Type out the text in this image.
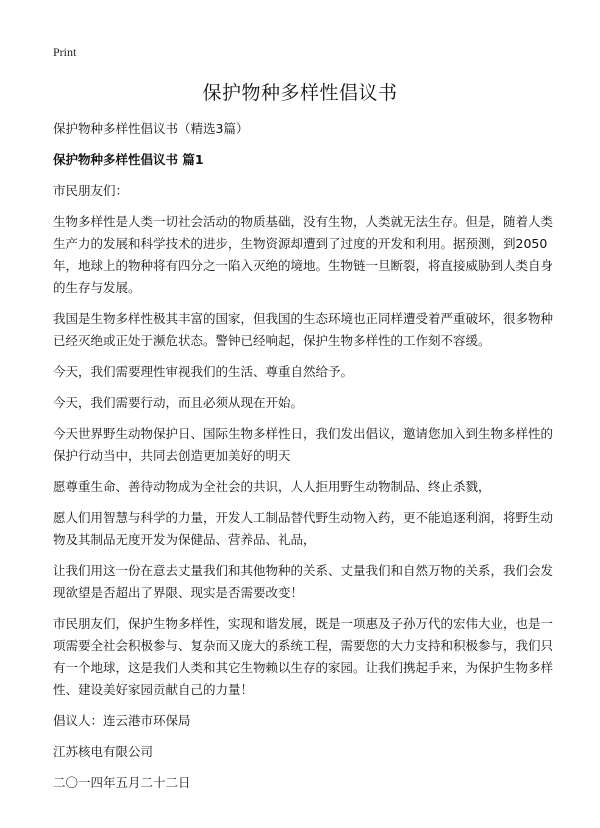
Print
保护物种多样性倡议书

保护物种多样性倡议书（精选3篇）

保护物种多样性倡议书 篇1

市民朋友们：

生物多样性是人类一切社会活动的物质基础，没有生物，人类就无法生存。但是，随着人类生产力的发展和科学技术的进步，生物资源却遭到了过度的开发和利用。据预测，到2050年，地球上的物种将有四分之一陷入灭绝的境地。生物链一旦断裂，将直接威胁到人类自身的生存与发展。

我国是生物多样性极其丰富的国家，但我国的生态环境也正同样遭受着严重破坏，很多物种已经灭绝或正处于濒危状态。警钟已经响起，保护生物多样性的工作刻不容缓。

今天，我们需要理性审视我们的生活、尊重自然给予。

今天，我们需要行动，而且必须从现在开始。

今天世界野生动物保护日、国际生物多样性日，我们发出倡议，邀请您加入到生物多样性的保护行动当中，共同去创造更加美好的明天

愿尊重生命、善待动物成为全社会的共识，人人拒用野生动物制品、终止杀戮，

愿人们用智慧与科学的力量，开发人工制品替代野生动物入药，更不能追逐利润，将野生动物及其制品无度开发为保健品、营养品、礼品，

让我们用这一份在意去丈量我们和其他物种的关系、丈量我们和自然万物的关系，我们会发现欲望是否超出了界限、现实是否需要改变！

市民朋友们，保护生物多样性，实现和谐发展，既是一项惠及子孙万代的宏伟大业，也是一项需要全社会积极参与、复杂而又庞大的系统工程，需要您的大力支持和积极参与，我们只有一个地球，这是我们人类和其它生物赖以生存的家园。让我们携起手来，为保护生物多样性、建设美好家园贡献自己的力量！

倡议人：连云港市环保局

江苏核电有限公司

二〇一四年五月二十二日
